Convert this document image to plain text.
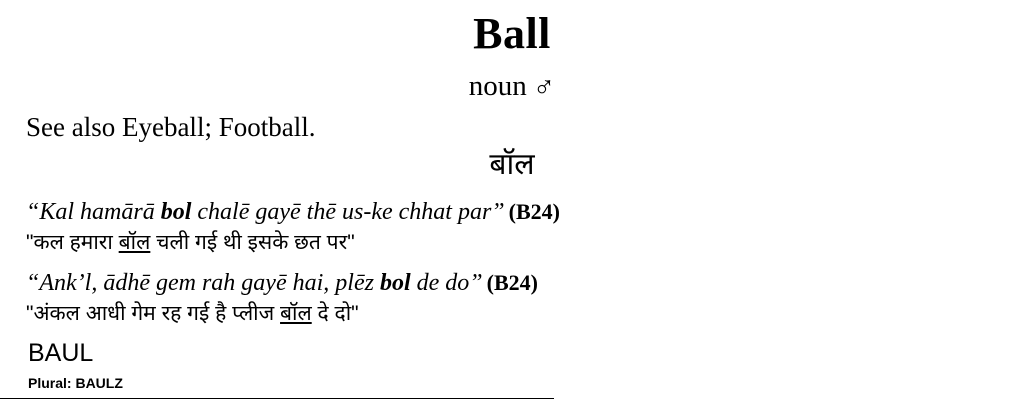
Ball
noun ♂
See also Eyeball; Football.
बॉल
“Kal hamārā bol chalē gayē thē us-ke chhat par” (B24)
"कल हमारा बॉल चली गई थी इसके छत पर"
“Ank’l, ādhē gem rah gayē hai, plēz bol de do” (B24)
"अंकल आधी गेम रह गई है प्लीज बॉल दे दो"
BAUL
Plural: BAULZ
